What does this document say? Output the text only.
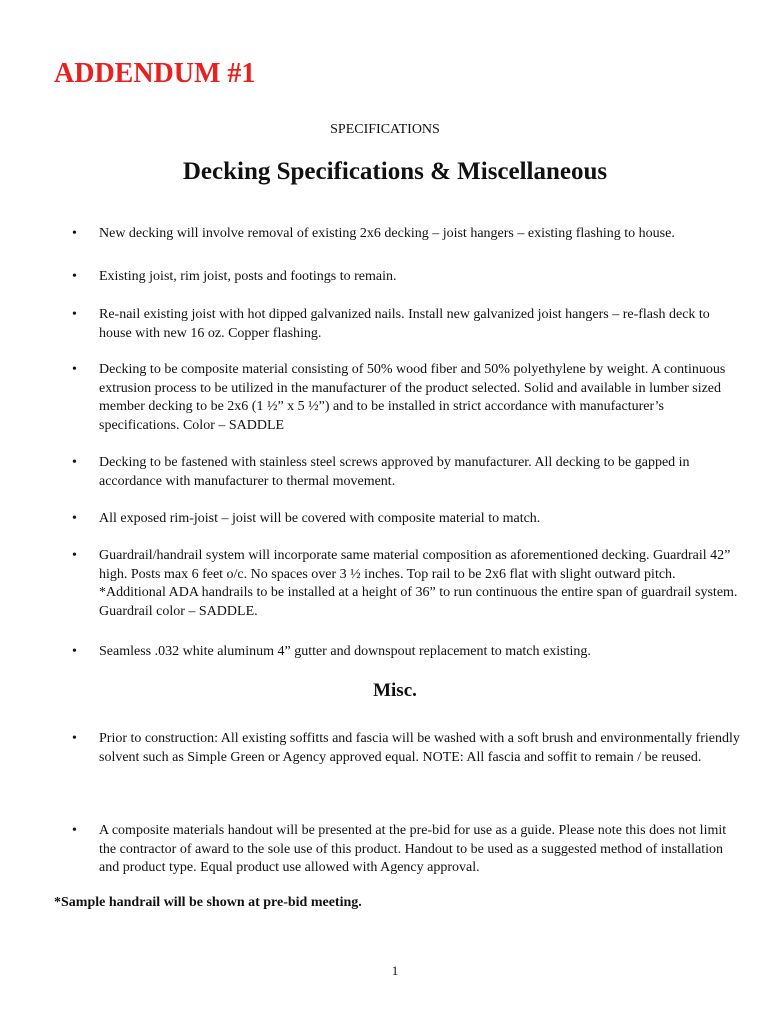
ADDENDUM #1
SPECIFICATIONS
Decking Specifications & Miscellaneous
•	New decking will involve removal of existing 2x6 decking – joist hangers – existing flashing to house.
•	Existing joist, rim joist, posts and footings to remain.
•	Re-nail existing joist with hot dipped galvanized nails. Install new galvanized joist hangers – re-flash deck to house with new 16 oz. Copper flashing.
•	Decking to be composite material consisting of 50% wood fiber and 50% polyethylene by weight. A continuous extrusion process to be utilized in the manufacturer of the product selected. Solid and available in lumber sized member decking to be 2x6 (1 ½” x 5 ½”) and to be installed in strict accordance with manufacturer’s specifications. Color – SADDLE
•	Decking to be fastened with stainless steel screws approved by manufacturer. All decking to be gapped in accordance with manufacturer to thermal movement.
•	All exposed rim-joist – joist will be covered with composite material to match.
•	Guardrail/handrail system will incorporate same material composition as aforementioned decking. Guardrail 42” high. Posts max 6 feet o/c. No spaces over 3 ½ inches. Top rail to be 2x6 flat with slight outward pitch. *Additional ADA handrails to be installed at a height of 36” to run continuous the entire span of guardrail system. Guardrail color – SADDLE.
•	Seamless .032 white aluminum 4” gutter and downspout replacement to match existing.
Misc.
•	Prior to construction: All existing soffitts and fascia will be washed with a soft brush and environmentally friendly solvent such as Simple Green or Agency approved equal. NOTE: All fascia and soffit to remain / be reused.
•	A composite materials handout will be presented at the pre-bid for use as a guide. Please note this does not limit the contractor of award to the sole use of this product. Handout to be used as a suggested method of installation and product type. Equal product use allowed with Agency approval.
*Sample handrail will be shown at pre-bid meeting.
1
